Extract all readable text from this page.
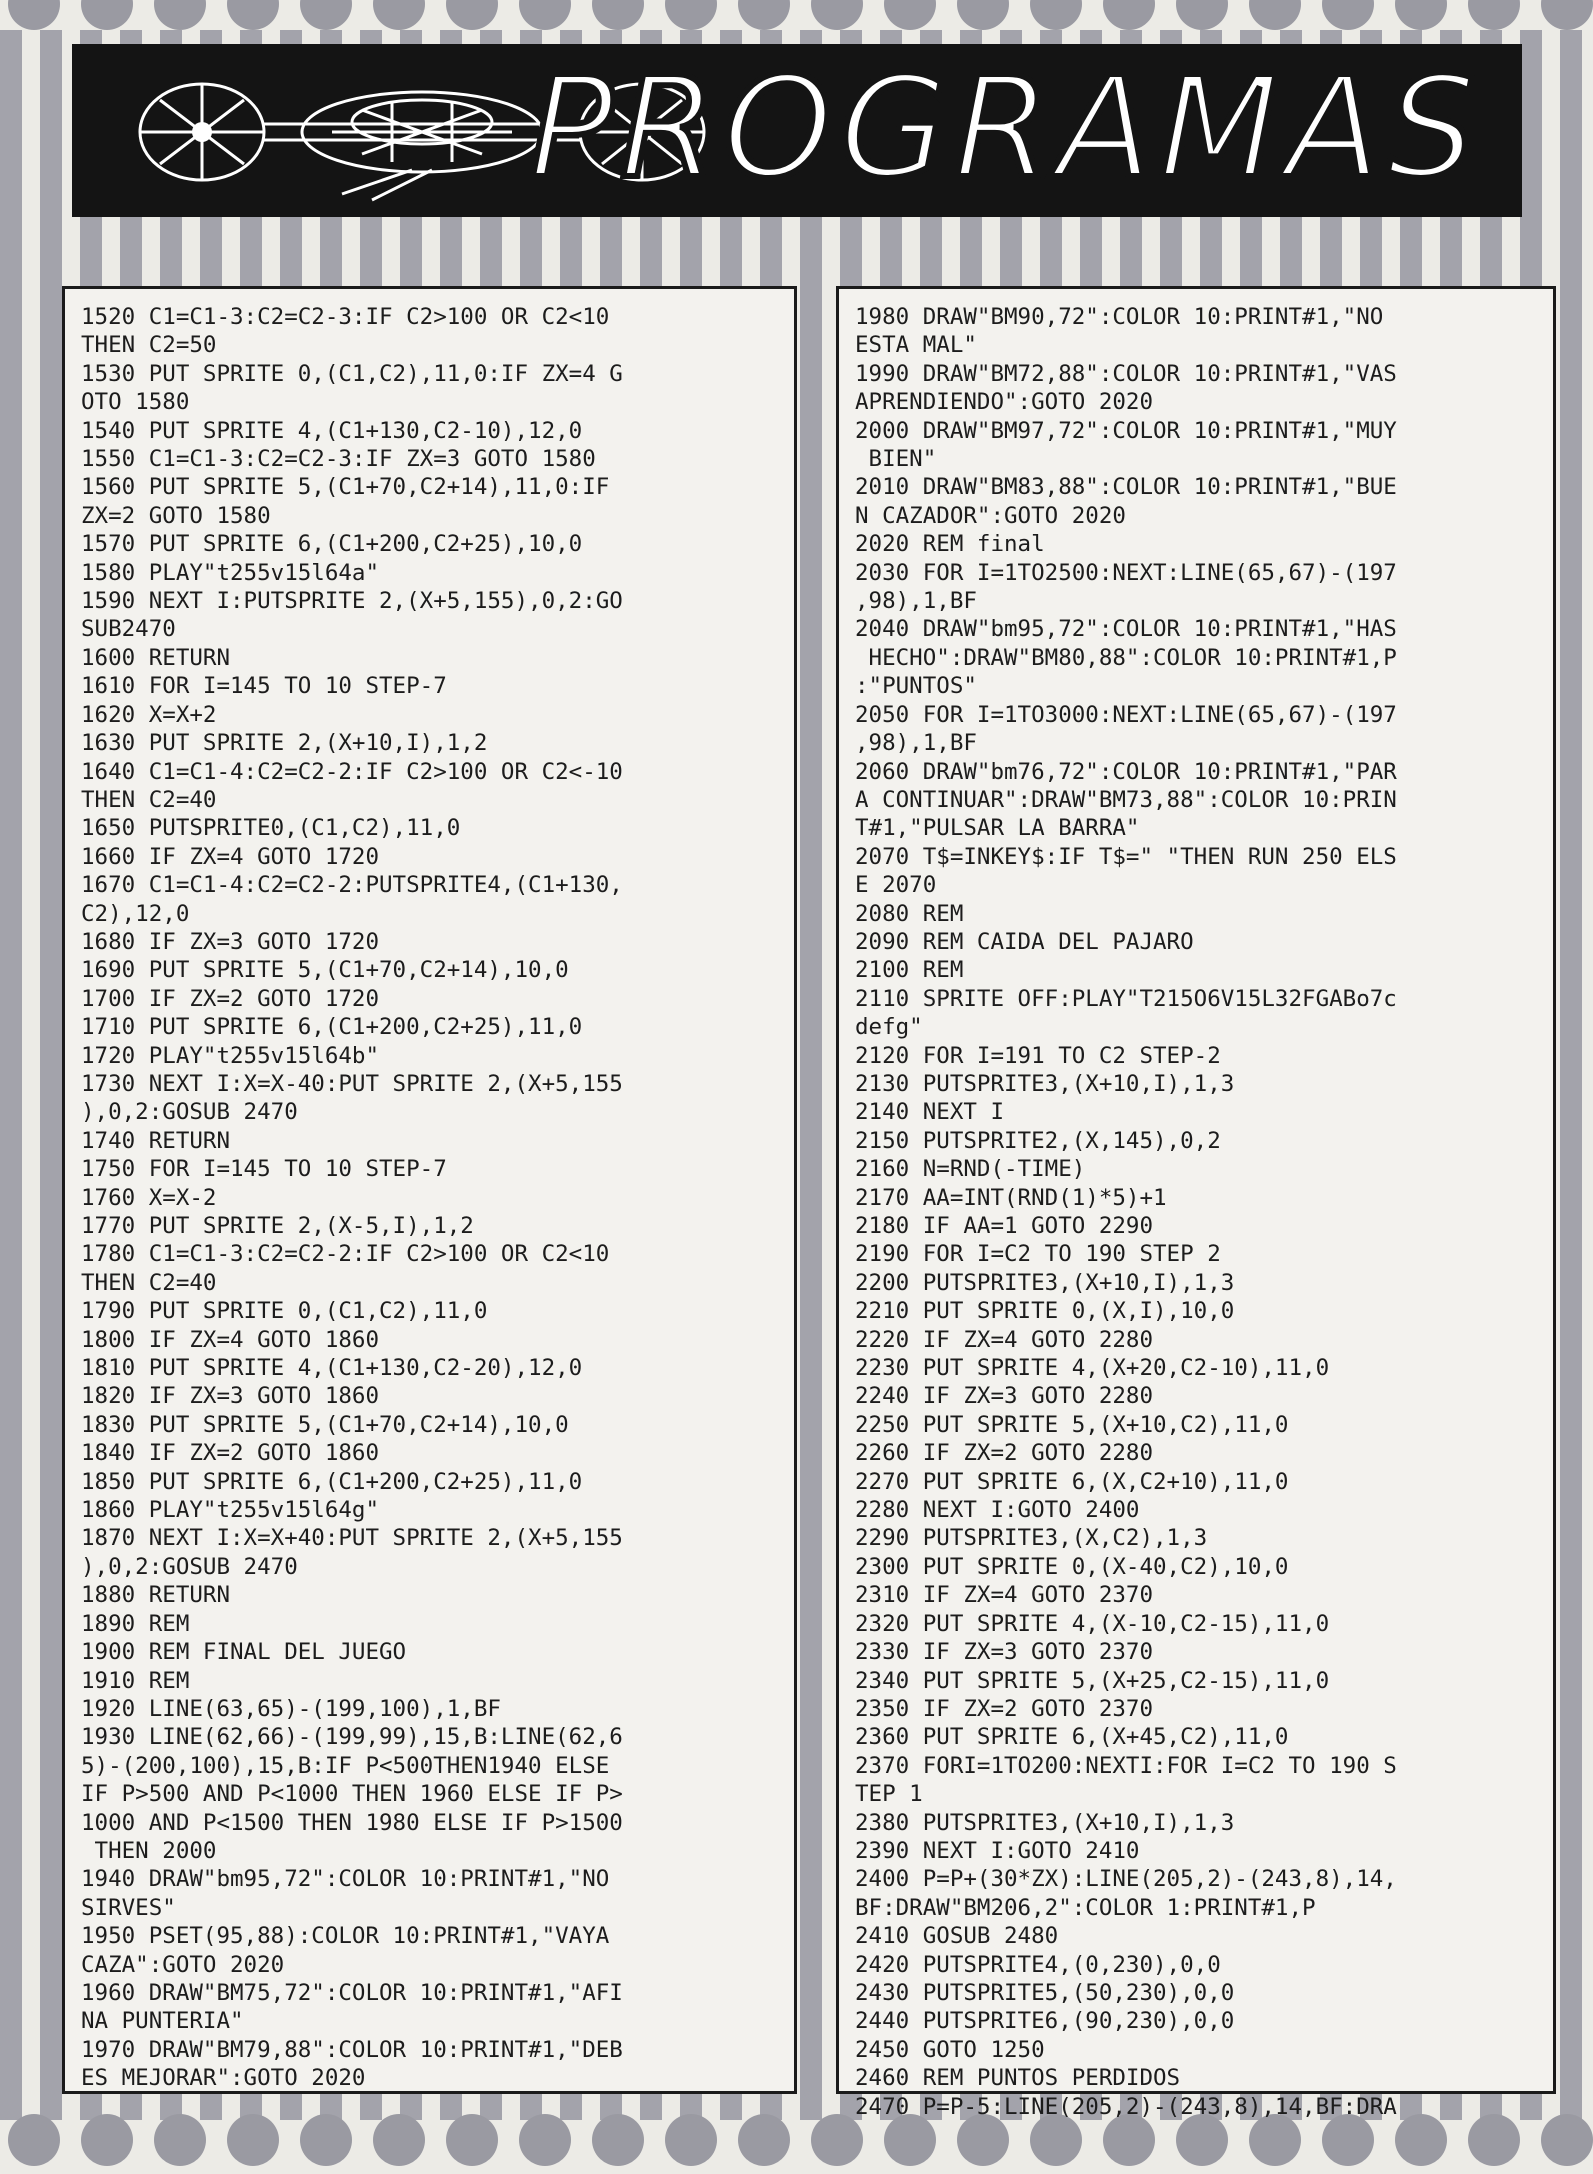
PROGRAMAS

1520 C1=C1-3:C2=C2-3:IF C2>100 OR C2<10

THEN C2=50

1530 PUT SPRITE 0,(C1,C2),11,0:IF ZX=4 G

OTO 1580

1540 PUT SPRITE 4,(C1+130,C2-10),12,0

1550 C1=C1-3:C2=C2-3:IF ZX=3 GOTO 1580

1560 PUT SPRITE 5,(C1+70,C2+14),11,0:IF

ZX=2 GOTO 1580

1570 PUT SPRITE 6,(C1+200,C2+25),10,0

1580 PLAY"t255v15l64a"

1590 NEXT I:PUTSPRITE 2,(X+5,155),0,2:GO

SUB2470

1600 RETURN

1610 FOR I=145 TO 10 STEP-7

1620 X=X+2

1630 PUT SPRITE 2,(X+10,I),1,2

1640 C1=C1-4:C2=C2-2:IF C2>100 OR C2<-10

THEN C2=40

1650 PUTSPRITE0,(C1,C2),11,0

1660 IF ZX=4 GOTO 1720

1670 C1=C1-4:C2=C2-2:PUTSPRITE4,(C1+130,

C2),12,0

1680 IF ZX=3 GOTO 1720

1690 PUT SPRITE 5,(C1+70,C2+14),10,0

1700 IF ZX=2 GOTO 1720

1710 PUT SPRITE 6,(C1+200,C2+25),11,0

1720 PLAY"t255v15l64b"

1730 NEXT I:X=X-40:PUT SPRITE 2,(X+5,155

),0,2:GOSUB 2470

1740 RETURN

1750 FOR I=145 TO 10 STEP-7

1760 X=X-2

1770 PUT SPRITE 2,(X-5,I),1,2

1780 C1=C1-3:C2=C2-2:IF C2>100 OR C2<10

THEN C2=40

1790 PUT SPRITE 0,(C1,C2),11,0

1800 IF ZX=4 GOTO 1860

1810 PUT SPRITE 4,(C1+130,C2-20),12,0

1820 IF ZX=3 GOTO 1860

1830 PUT SPRITE 5,(C1+70,C2+14),10,0

1840 IF ZX=2 GOTO 1860

1850 PUT SPRITE 6,(C1+200,C2+25),11,0

1860 PLAY"t255v15l64g"

1870 NEXT I:X=X+40:PUT SPRITE 2,(X+5,155

),0,2:GOSUB 2470

1880 RETURN

1890 REM

1900 REM FINAL DEL JUEGO

1910 REM

1920 LINE(63,65)-(199,100),1,BF

1930 LINE(62,66)-(199,99),15,B:LINE(62,6

5)-(200,100),15,B:IF P<500THEN1940 ELSE

IF P>500 AND P<1000 THEN 1960 ELSE IF P>

1000 AND P<1500 THEN 1980 ELSE IF P>1500

THEN 2000

1940 DRAW"bm95,72":COLOR 10:PRINT#1,"NO

SIRVES"

1950 PSET(95,88):COLOR 10:PRINT#1,"VAYA

CAZA":GOTO 2020

1960 DRAW"BM75,72":COLOR 10:PRINT#1,"AFI

NA PUNTERIA"

1970 DRAW"BM79,88":COLOR 10:PRINT#1,"DEB

ES MEJORAR":GOTO 2020

1980 DRAW"BM90,72":COLOR 10:PRINT#1,"NO

ESTA MAL"

1990 DRAW"BM72,88":COLOR 10:PRINT#1,"VAS

APRENDIENDO":GOTO 2020

2000 DRAW"BM97,72":COLOR 10:PRINT#1,"MUY

BIEN"

2010 DRAW"BM83,88":COLOR 10:PRINT#1,"BUE

N CAZADOR":GOTO 2020

2020 REM final

2030 FOR I=1TO2500:NEXT:LINE(65,67)-(197

,98),1,BF

2040 DRAW"bm95,72":COLOR 10:PRINT#1,"HAS

HECHO":DRAW"BM80,88":COLOR 10:PRINT#1,P

:"PUNTOS"

2050 FOR I=1TO3000:NEXT:LINE(65,67)-(197

,98),1,BF

2060 DRAW"bm76,72":COLOR 10:PRINT#1,"PAR

A CONTINUAR":DRAW"BM73,88":COLOR 10:PRIN

T#1,"PULSAR LA BARRA"

2070 T$=INKEY$:IF T$=" "THEN RUN 250 ELS

E 2070

2080 REM

2090 REM CAIDA DEL PAJARO

2100 REM

2110 SPRITE OFF:PLAY"T215O6V15L32FGABo7c

defg"

2120 FOR I=191 TO C2 STEP-2

2130 PUTSPRITE3,(X+10,I),1,3

2140 NEXT I

2150 PUTSPRITE2,(X,145),0,2

2160 N=RND(-TIME)

2170 AA=INT(RND(1)*5)+1

2180 IF AA=1 GOTO 2290

2190 FOR I=C2 TO 190 STEP 2

2200 PUTSPRITE3,(X+10,I),1,3

2210 PUT SPRITE 0,(X,I),10,0

2220 IF ZX=4 GOTO 2280

2230 PUT SPRITE 4,(X+20,C2-10),11,0

2240 IF ZX=3 GOTO 2280

2250 PUT SPRITE 5,(X+10,C2),11,0

2260 IF ZX=2 GOTO 2280

2270 PUT SPRITE 6,(X,C2+10),11,0

2280 NEXT I:GOTO 2400

2290 PUTSPRITE3,(X,C2),1,3

2300 PUT SPRITE 0,(X-40,C2),10,0

2310 IF ZX=4 GOTO 2370

2320 PUT SPRITE 4,(X-10,C2-15),11,0

2330 IF ZX=3 GOTO 2370

2340 PUT SPRITE 5,(X+25,C2-15),11,0

2350 IF ZX=2 GOTO 2370

2360 PUT SPRITE 6,(X+45,C2),11,0

2370 FORI=1TO200:NEXTI:FOR I=C2 TO 190 S

TEP 1

2380 PUTSPRITE3,(X+10,I),1,3

2390 NEXT I:GOTO 2410

2400 P=P+(30*ZX):LINE(205,2)-(243,8),14,

BF:DRAW"BM206,2":COLOR 1:PRINT#1,P

2410 GOSUB 2480

2420 PUTSPRITE4,(0,230),0,0

2430 PUTSPRITE5,(50,230),0,0

2440 PUTSPRITE6,(90,230),0,0

2450 GOTO 1250

2460 REM PUNTOS PERDIDOS

2470 P=P-5:LINE(205,2)-(243,8),14,BF:DRA
